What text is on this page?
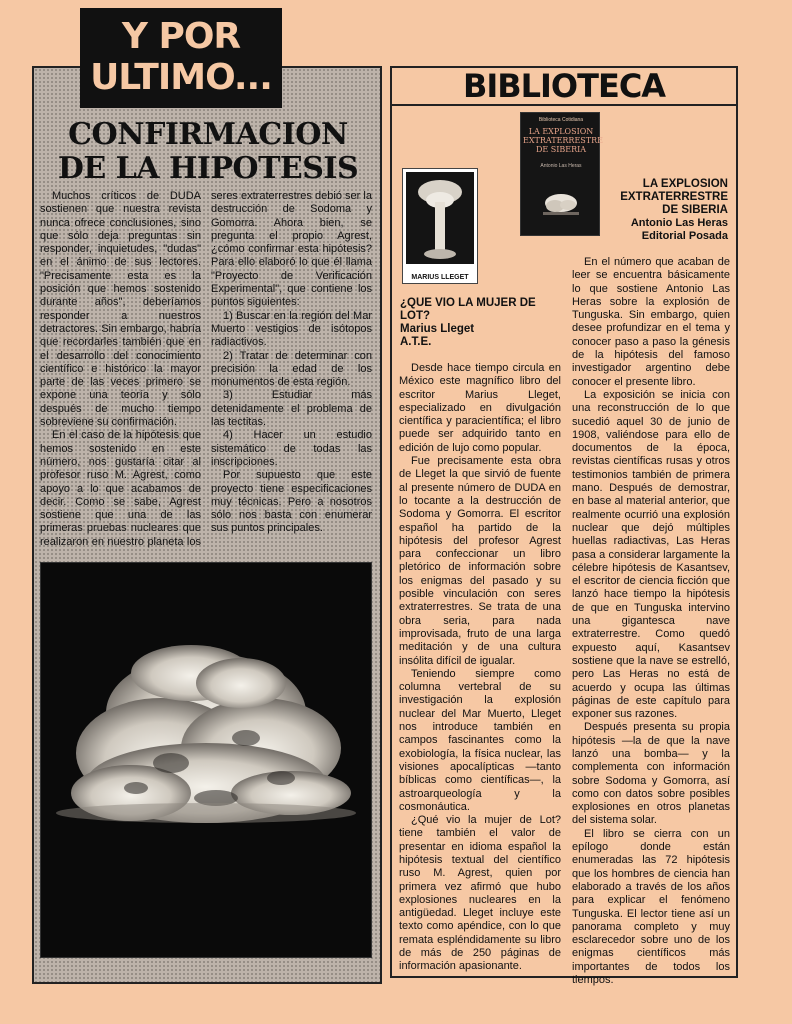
Y POR
ULTIMO...
CONFIRMACION
DE LA HIPOTESIS

Muchos críticos de DUDA sostienen que nuestra revista nunca ofrece conclusiones, sino que sólo deja preguntas sin responder, inquietudes, "dudas" en el ánimo de sus lectores. "Precisamente esta es la posición que hemos sostenido durante años", deberíamos responder a nuestros detractores. Sin embargo, habría que recordarles también que en el desarrollo del conocimiento científico e histórico la mayor parte de las veces primero se expone una teoría y sólo después de mucho tiempo sobreviene su confirmación.

En el caso de la hipótesis que hemos sostenido en este número, nos gustaría citar al profesor ruso M. Agrest, como apoyo a lo que acabamos de decir. Como se sabe, Agrest sostiene que una de las primeras pruebas nucleares que realizaron en nuestro planeta los seres extraterrestres debió ser la destrucción de Sodoma y Gomorra. Ahora bien, se pregunta el propio Agrest, ¿cómo confirmar esta hipótesis? Para ello elaboró lo que él llama "Proyecto de Verificación Experimental", que contiene los puntos siguientes:

1) Buscar en la región del Mar Muerto vestigios de isótopos radiactivos.

2) Tratar de determinar con precisión la edad de los monumentos de esta región.

3) Estudiar más detenidamente el problema de las tectitas.

4) Hacer un estudio sistemático de todas las inscripciones.

Por supuesto que este proyecto tiene especificaciones muy técnicas. Pero a nosotros sólo nos basta con enumerar sus puntos principales.

BIBLIOTECA
Biblioteca Cotidiana
LA EXPLOSION EXTRATERRESTRE DE SIBERIA
Antonio Las Heras
MARIUS LLEGET
LA EXPLOSION
EXTRATERRESTRE
DE SIBERIA
Antonio Las Heras
Editorial Posada
¿QUE VIO LA MUJER DE
LOT?
Marius Lleget
A.T.E.

Desde hace tiempo circula en México este magnífico libro del escritor Marius Lleget, especializado en divulgación científica y paracientífica; el libro puede ser adquirido tanto en edición de lujo como popular.

Fue precisamente esta obra de Lleget la que sirvió de fuente al presente número de DUDA en lo tocante a la destrucción de Sodoma y Gomorra. El escritor español ha partido de la hipótesis del profesor Agrest para confeccionar un libro pletórico de información sobre los enigmas del pasado y su posible vinculación con seres extraterrestres. Se trata de una obra seria, para nada improvisada, fruto de una larga meditación y de una cultura insólita difícil de igualar.

Teniendo siempre como columna vertebral de su investigación la explosión nuclear del Mar Muerto, Lleget nos introduce también en campos fascinantes como la exobiología, la física nuclear, las visiones apocalípticas —tanto bíblicas como científicas—, la astroarqueología y la cosmonáutica.

¿Qué vio la mujer de Lot? tiene también el valor de presentar en idioma español la hipótesis textual del científico ruso M. Agrest, quien por primera vez afirmó que hubo explosiones nucleares en la antigüedad. Lleget incluye este texto como apéndice, con lo que remata espléndidamente su libro de más de 250 páginas de información apasionante.

En el número que acaban de leer se encuentra básicamente lo que sostiene Antonio Las Heras sobre la explosión de Tunguska. Sin embargo, quien desee profundizar en el tema y conocer paso a paso la génesis de la hipótesis del famoso investigador argentino debe conocer el presente libro.

La exposición se inicia con una reconstrucción de lo que sucedió aquel 30 de junio de 1908, valiéndose para ello de documentos de la época, revistas científicas rusas y otros testimonios también de primera mano. Después de demostrar, en base al material anterior, que realmente ocurrió una explosión nuclear que dejó múltiples huellas radiactivas, Las Heras pasa a considerar largamente la célebre hipótesis de Kasantsev, el escritor de ciencia ficción que lanzó hace tiempo la hipótesis de que en Tunguska intervino una gigantesca nave extraterrestre. Como quedó expuesto aquí, Kasantsev sostiene que la nave se estrelló, pero Las Heras no está de acuerdo y ocupa las últimas páginas de este capítulo para exponer sus razones.

Después presenta su propia hipótesis —la de que la nave lanzó una bomba— y la complementa con información sobre Sodoma y Gomorra, así como con datos sobre posibles explosiones en otros planetas del sistema solar.

El libro se cierra con un epílogo donde están enumeradas las 72 hipótesis que los hombres de ciencia han elaborado a través de los años para explicar el fenómeno Tunguska. El lector tiene así un panorama completo y muy esclarecedor sobre uno de los enigmas científicos más importantes de todos los tiempos.
